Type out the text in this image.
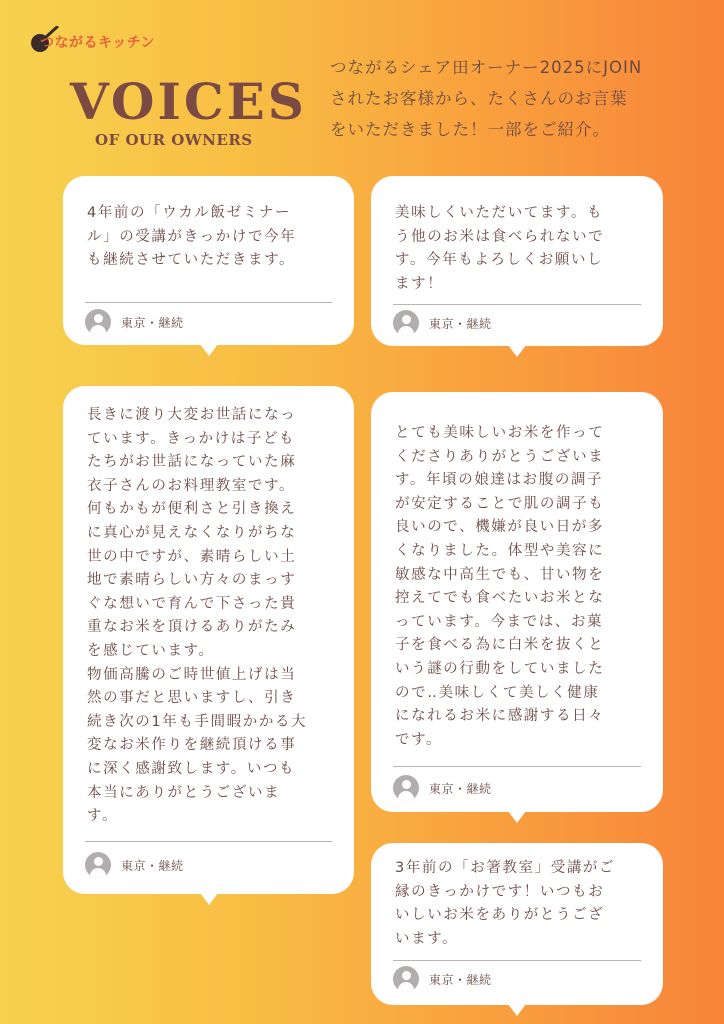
つながるキッチン
VOICES
OF OUR OWNERS
つながるシェア田オーナー2025にJOIN
されたお客様から、たくさんのお言葉
をいただきました！一部をご紹介。
4年前の「ウカル飯ゼミナー
ル」の受講がきっかけで今年
も継続させていただきます。
東京・継続
美味しくいただいてます。も
う他のお米は食べられないで
す。今年もよろしくお願いし
ます！
東京・継続
長きに渡り大変お世話になっ
ています。きっかけは子ども
たちがお世話になっていた麻
衣子さんのお料理教室です。
何もかもが便利さと引き換え
に真心が見えなくなりがちな
世の中ですが、素晴らしい土
地で素晴らしい方々のまっす
ぐな想いで育んで下さった貴
重なお米を頂けるありがたみ
を感じています。
物価高騰のご時世値上げは当
然の事だと思いますし、引き
続き次の1年も手間暇かかる大
変なお米作りを継続頂ける事
に深く感謝致します。いつも
本当にありがとうございま
す。
東京・継続
とても美味しいお米を作って
くださりありがとうございま
す。年頃の娘達はお腹の調子
が安定することで肌の調子も
良いので、機嫌が良い日が多
くなりました。体型や美容に
敏感な中高生でも、甘い物を
控えてでも食べたいお米とな
っています。今までは、お菓
子を食べる為に白米を抜くと
いう謎の行動をしていました
ので‥美味しくて美しく健康
になれるお米に感謝する日々
です。
東京・継続
3年前の「お箸教室」受講がご
縁のきっかけです！いつもお
いしいお米をありがとうござ
います。
東京・継続
